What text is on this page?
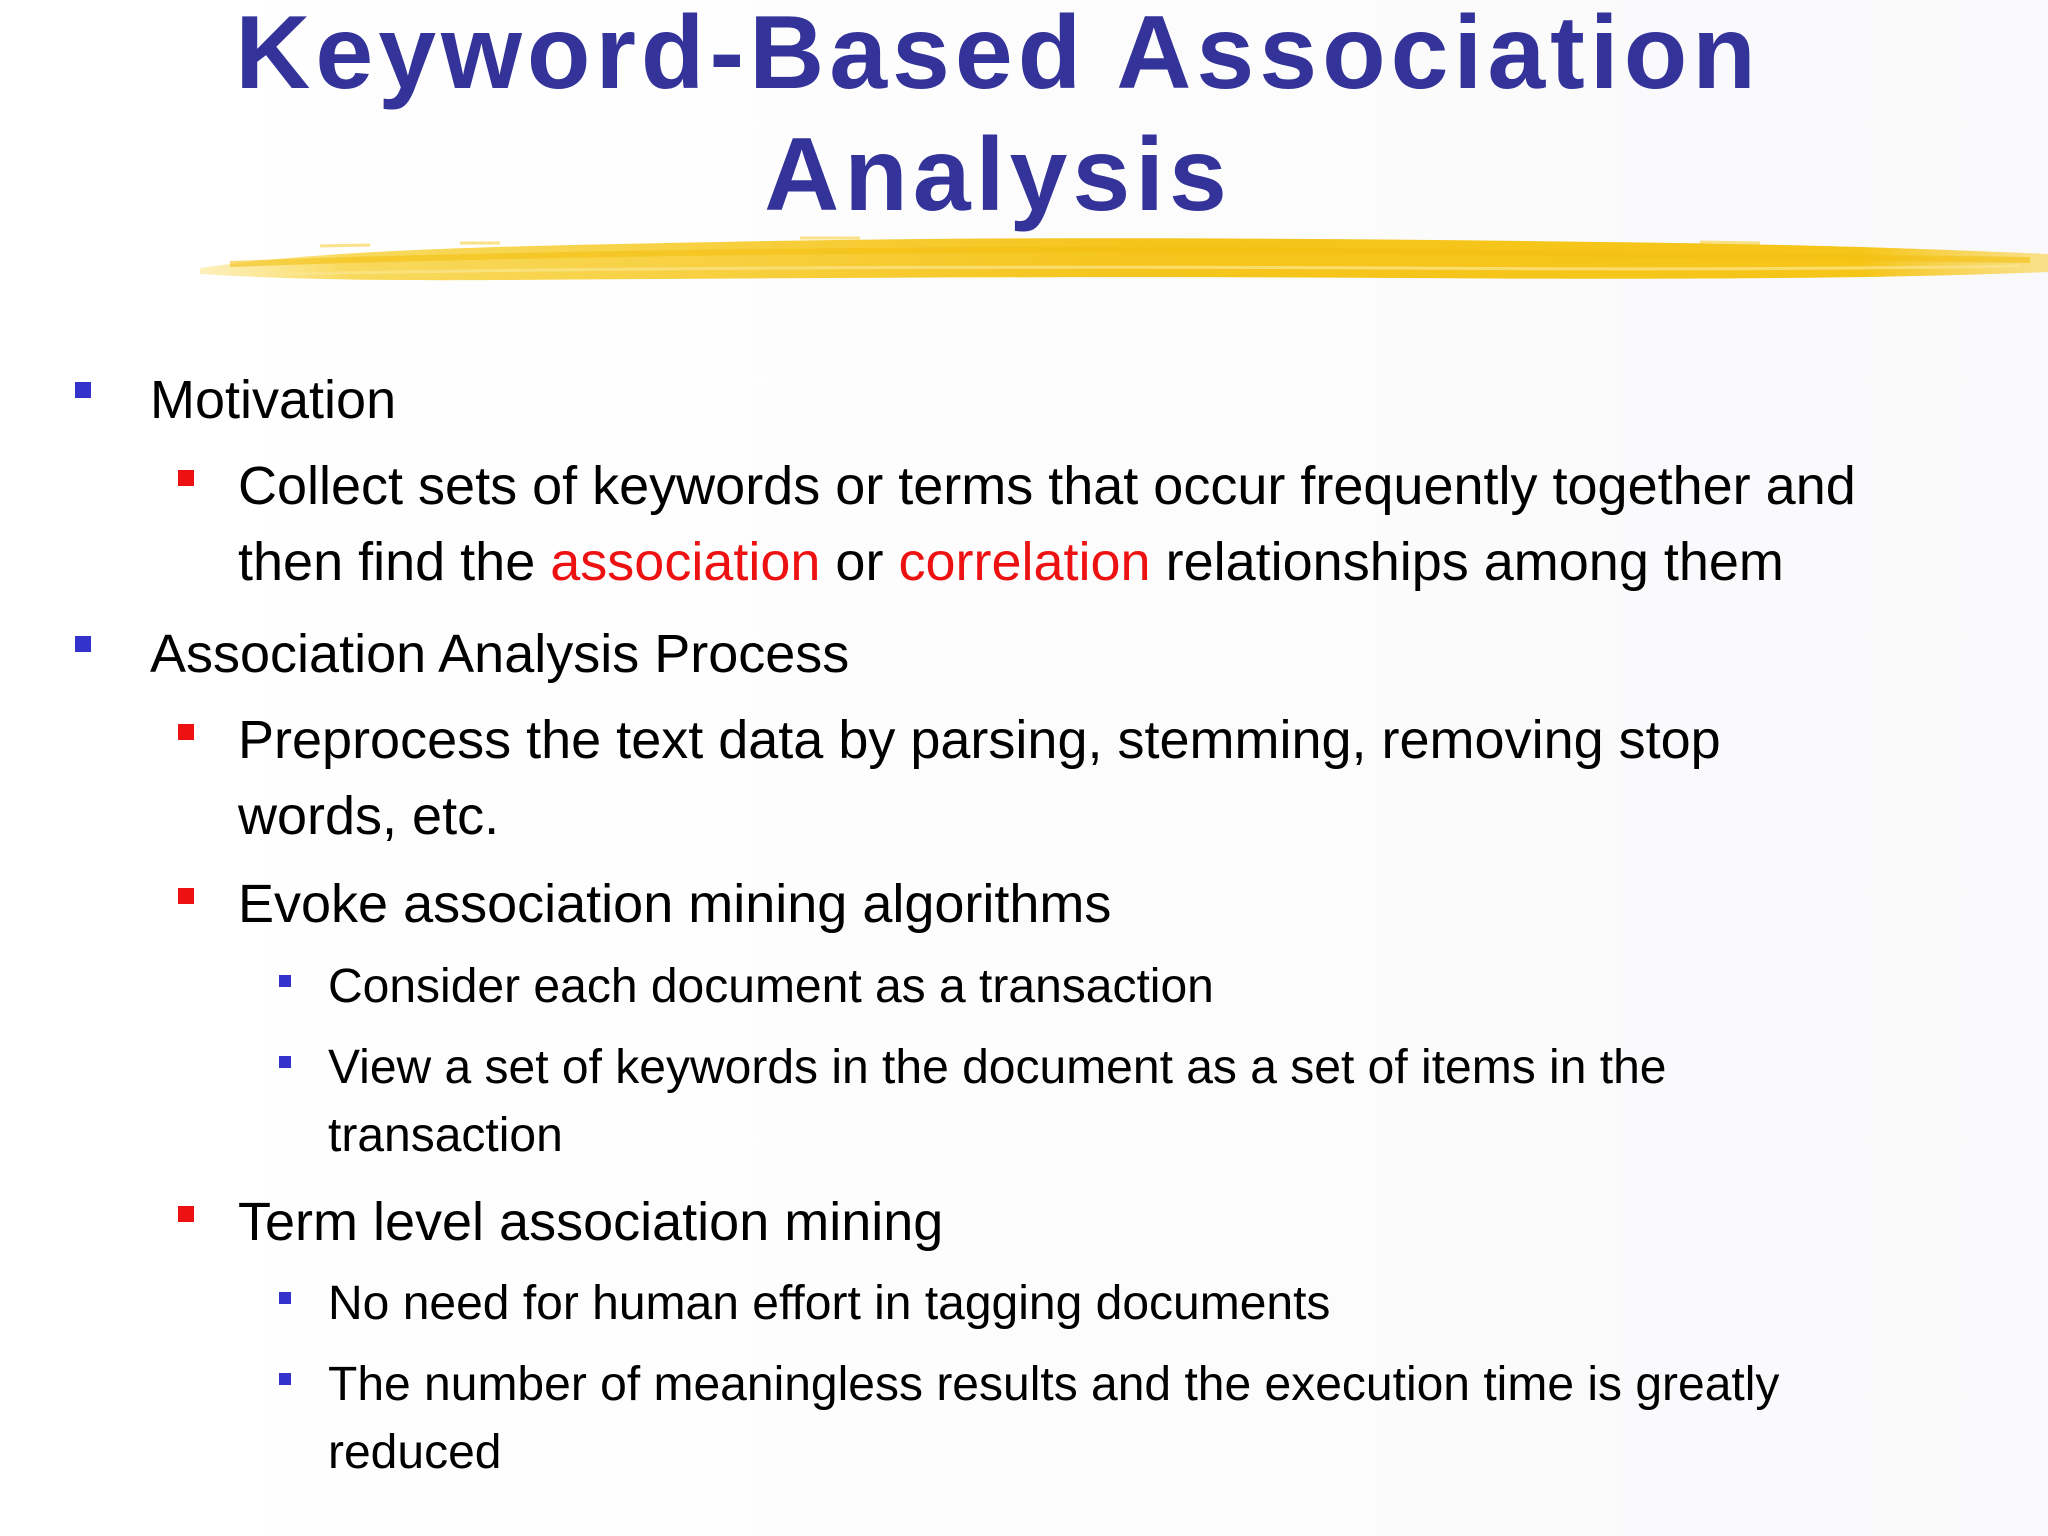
Keyword-Based Association
Analysis
Motivation
Collect sets of keywords or terms that occur frequently together and
then find the association or correlation relationships among them
Association Analysis Process
Preprocess the text data by parsing, stemming, removing stop
words, etc.
Evoke association mining algorithms
Consider each document as a transaction
View a set of keywords in the document as a set of items in the
transaction
Term level association mining
No need for human effort in tagging documents
The number of meaningless results and the execution time is greatly
reduced
